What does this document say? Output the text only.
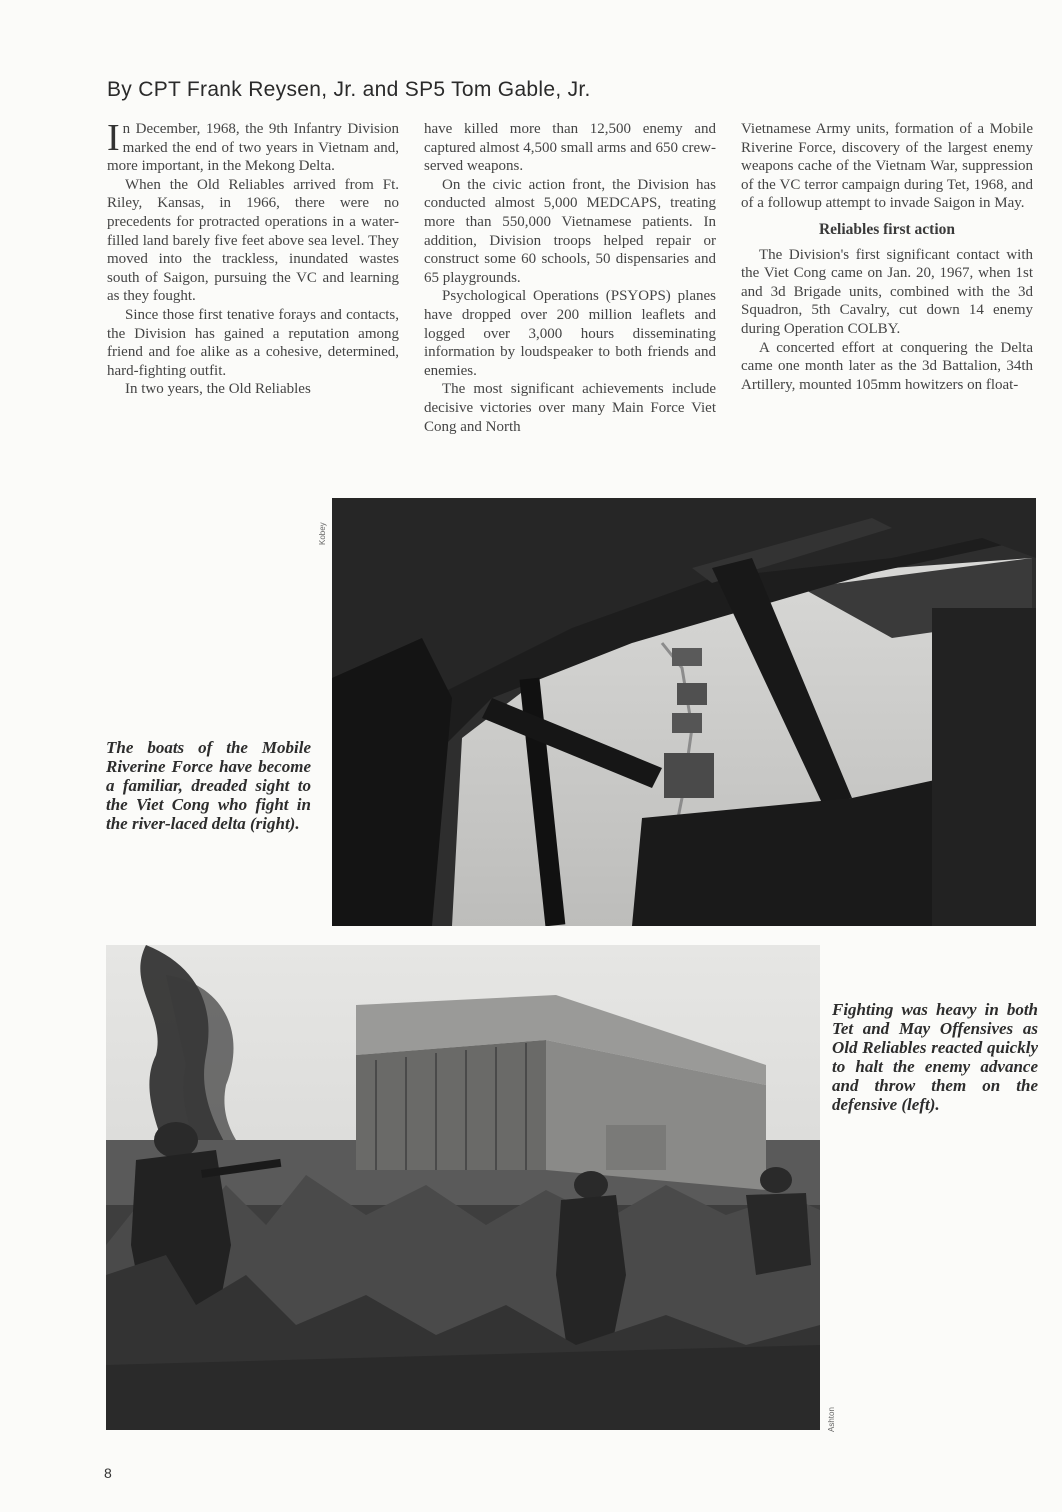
By CPT Frank Reysen, Jr. and SP5 Tom Gable, Jr.

In December, 1968, the 9th Infantry Division marked the end of two years in Vietnam and, more important, in the Mekong Delta.

When the Old Reliables arrived from Ft. Riley, Kansas, in 1966, there were no precedents for protracted operations in a water-filled land barely five feet above sea level. They moved into the trackless, inundated wastes south of Saigon, pursuing the VC and learning as they fought.

Since those first tenative forays and contacts, the Division has gained a reputation among friend and foe alike as a cohesive, determined, hard-fighting outfit.

In two years, the Old Reliables

have killed more than 12,500 enemy and captured almost 4,500 small arms and 650 crew-served weapons.

On the civic action front, the Division has conducted almost 5,000 MEDCAPS, treating more than 550,000 Vietnamese patients. In addition, Division troops helped repair or construct some 60 schools, 50 dispensaries and 65 playgrounds.

Psychological Operations (PSYOPS) planes have dropped over 200 million leaflets and logged over 3,000 hours disseminating information by loudspeaker to both friends and enemies.

The most significant achievements include decisive victories over many Main Force Viet Cong and North

Vietnamese Army units, formation of a Mobile Riverine Force, discovery of the largest enemy weapons cache of the Vietnam War, suppression of the VC terror campaign during Tet, 1968, and of a followup attempt to invade Saigon in May.

Reliables first action

The Division's first significant contact with the Viet Cong came on Jan. 20, 1967, when 1st and 3d Brigade units, combined with the 3d Squadron, 5th Cavalry, cut down 14 enemy during Operation COLBY.

A concerted effort at conquering the Delta came one month later as the 3d Battalion, 34th Artillery, mounted 105mm howitzers on float-

Kobey
The boats of the Mobile Riverine Force have become a familiar, dreaded sight to the Viet Cong who fight in the river-laced delta (right).
Ashton
Fighting was heavy in both Tet and May Offensives as Old Reliables reacted quickly to halt the enemy advance and throw them on the defensive (left).
8
